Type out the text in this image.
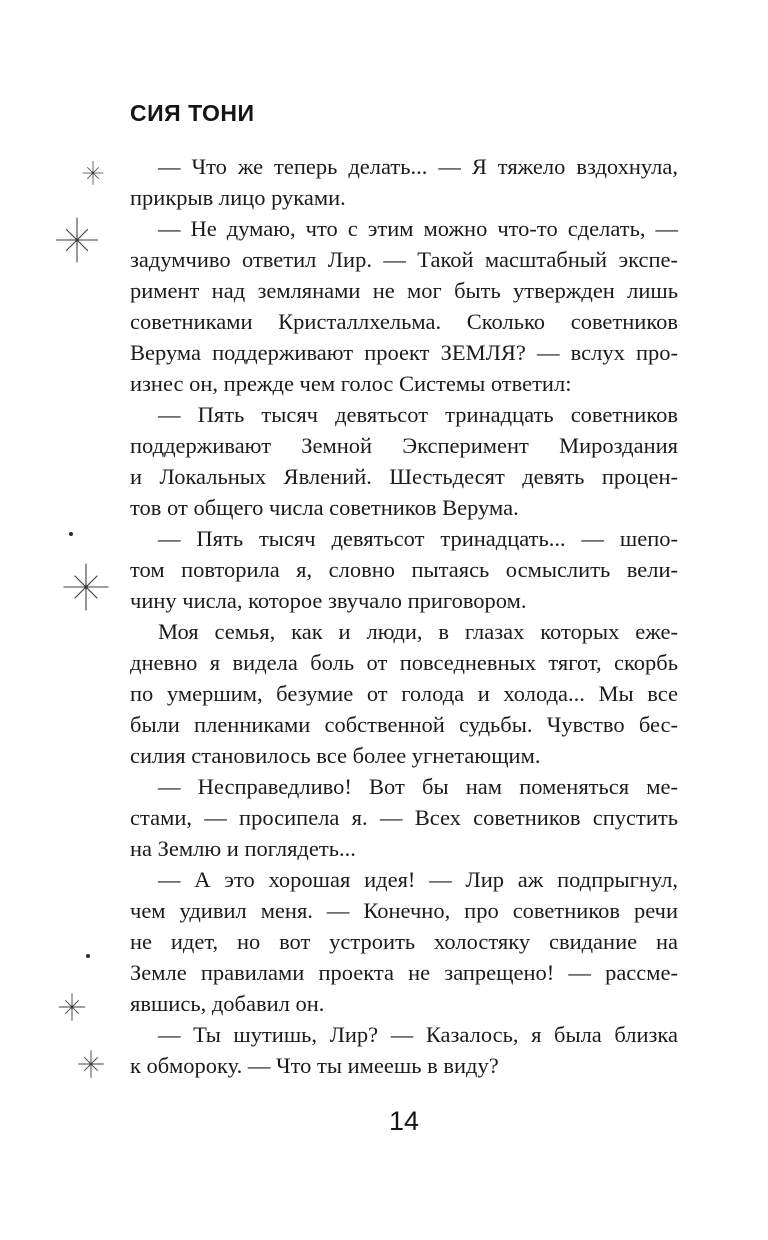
СИЯ ТОНИ
— Что же теперь делать... — Я тяжело вздохнула,
прикрыв лицо руками.
— Не думаю, что с этим можно что-то сделать, —
задумчиво ответил Лир. — Такой масштабный экспе-
римент над землянами не мог быть утвержден лишь
советниками Кристаллхельма. Сколько советников
Верума поддерживают проект ЗЕМЛЯ? — вслух про-
изнес он, прежде чем голос Системы ответил:
— Пять тысяч девятьсот тринадцать советников
поддерживают Земной Эксперимент Мироздания
и Локальных Явлений. Шестьдесят девять процен-
тов от общего числа советников Верума.
— Пять тысяч девятьсот тринадцать... — шепо-
том повторила я, словно пытаясь осмыслить вели-
чину числа, которое звучало приговором.
Моя семья, как и люди, в глазах которых еже-
дневно я видела боль от повседневных тягот, скорбь
по умершим, безумие от голода и холода... Мы все
были пленниками собственной судьбы. Чувство бес-
силия становилось все более угнетающим.
— Несправедливо! Вот бы нам поменяться ме-
стами, — просипела я. — Всех советников спустить
на Землю и поглядеть...
— А это хорошая идея! — Лир аж подпрыгнул,
чем удивил меня. — Конечно, про советников речи
не идет, но вот устроить холостяку свидание на
Земле правилами проекта не запрещено! — рассме-
явшись, добавил он.
— Ты шутишь, Лир? — Казалось, я была близка
к обмороку. — Что ты имеешь в виду?
14
